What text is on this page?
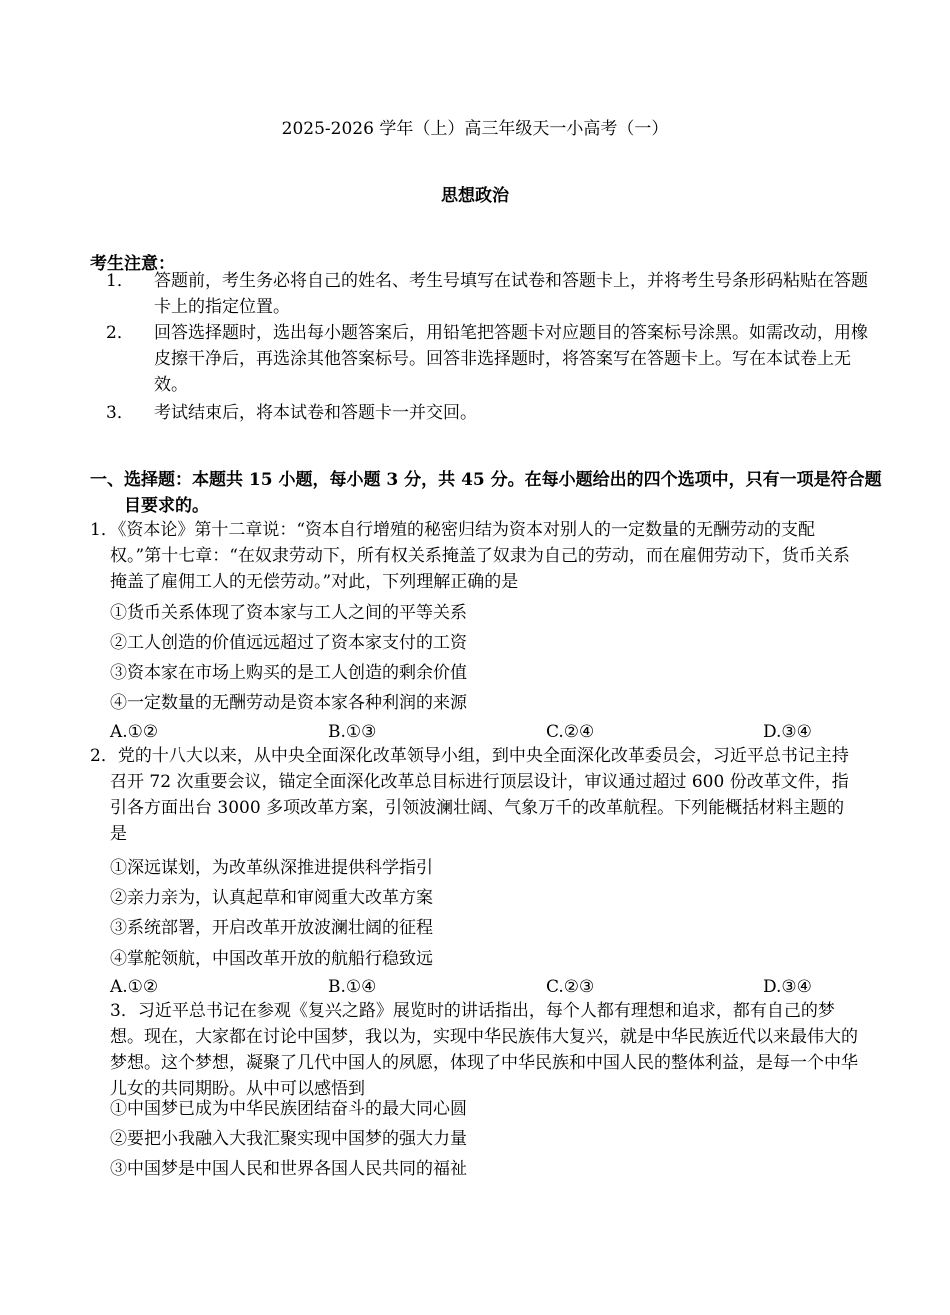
2025-2026 学年（上）高三年级天一小高考（一）
思想政治
考生注意：
1． 答题前，考生务必将自己的姓名、考生号填写在试卷和答题卡上，并将考生号条形码粘贴在答题卡上的指定位置。
2． 回答选择题时，选出每小题答案后，用铅笔把答题卡对应题目的答案标号涂黑。如需改动，用橡皮擦干净后，再选涂其他答案标号。回答非选择题时，将答案写在答题卡上。写在本试卷上无效。
3． 考试结束后，将本试卷和答题卡一并交回。
一、选择题：本题共 15 小题，每小题 3 分，共 45 分。在每小题给出的四个选项中，只有一项是符合题目要求的。
1．《资本论》第十二章说：“资本自行增殖的秘密归结为资本对别人的一定数量的无酬劳动的支配权。”第十七章：“在奴隶劳动下，所有权关系掩盖了奴隶为自己的劳动，而在雇佣劳动下，货币关系掩盖了雇佣工人的无偿劳动。”对此，下列理解正确的是
①货币关系体现了资本家与工人之间的平等关系
②工人创造的价值远远超过了资本家支付的工资
③资本家在市场上购买的是工人创造的剩余价值
④一定数量的无酬劳动是资本家各种利润的来源
A.①②	B.①③	C.②④	D.③④
2．党的十八大以来，从中央全面深化改革领导小组，到中央全面深化改革委员会，习近平总书记主持召开 72 次重要会议，锚定全面深化改革总目标进行顶层设计，审议通过超过 600 份改革文件，指引各方面出台 3000 多项改革方案，引领波澜壮阔、气象万千的改革航程。下列能概括材料主题的是
①深远谋划，为改革纵深推进提供科学指引
②亲力亲为，认真起草和审阅重大改革方案
③系统部署，开启改革开放波澜壮阔的征程
④掌舵领航，中国改革开放的航船行稳致远
A.①②	B.①④	C.②③	D.③④
3．习近平总书记在参观《复兴之路》展览时的讲话指出，每个人都有理想和追求，都有自己的梦想。现在，大家都在讨论中国梦，我以为，实现中华民族伟大复兴，就是中华民族近代以来最伟大的梦想。这个梦想，凝聚了几代中国人的夙愿，体现了中华民族和中国人民的整体利益，是每一个中华儿女的共同期盼。从中可以感悟到
①中国梦已成为中华民族团结奋斗的最大同心圆
②要把小我融入大我汇聚实现中国梦的强大力量
③中国梦是中国人民和世界各国人民共同的福祉
